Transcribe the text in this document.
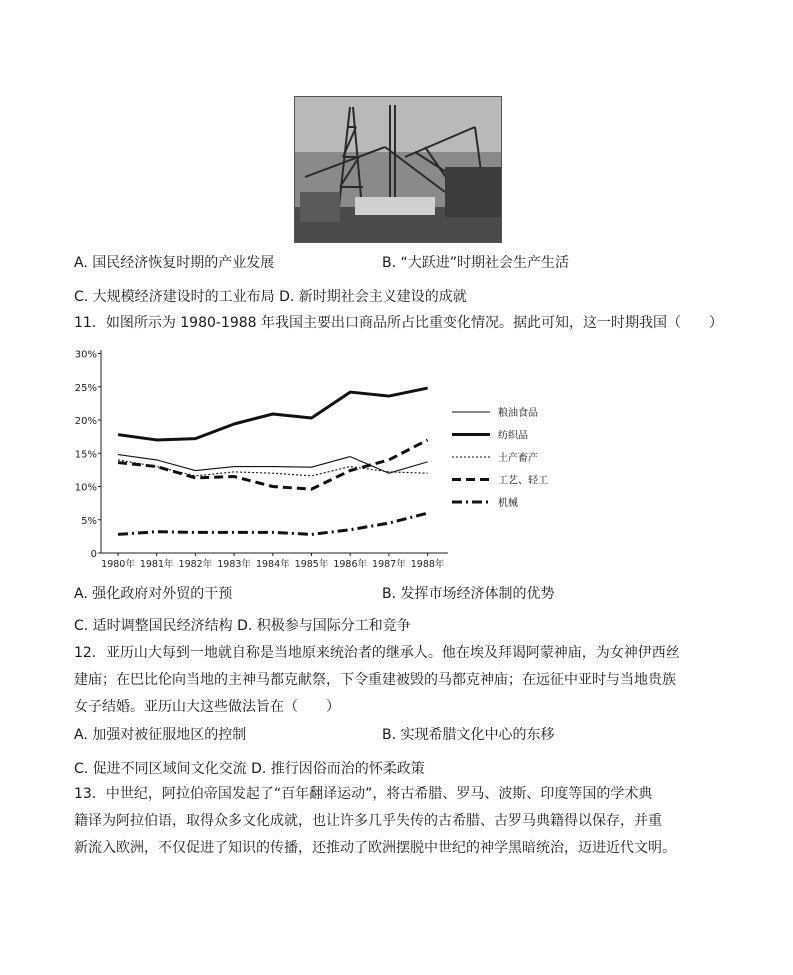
A. 国民经济恢复时期的产业发展	B. “大跃进”时期社会生产生活
C. 大规模经济建设时的工业布局 D. 新时期社会主义建设的成就
11．如图所示为 1980-1988 年我国主要出口商品所占比重变化情况。据此可知，这一时期我国（　　）
0
5%
10%
15%
20%
25%
30%
1980年 1981年 1982年 1983年 1984年 1985年 1986年 1987年 1988年
粮油食品
纺织品
土产畜产
工艺、轻工
机械
A. 强化政府对外贸的干预	B. 发挥市场经济体制的优势
C. 适时调整国民经济结构 D. 积极参与国际分工和竞争
12．亚历山大每到一地就自称是当地原来统治者的继承人。他在埃及拜谒阿蒙神庙，为女神伊西丝
建庙；在巴比伦向当地的主神马都克献祭，下令重建被毁的马都克神庙；在远征中亚时与当地贵族
女子结婚。亚历山大这些做法旨在（　　）
A. 加强对被征服地区的控制	B. 实现希腊文化中心的东移
C. 促进不同区域间文化交流 D. 推行因俗而治的怀柔政策
13．中世纪，阿拉伯帝国发起了“百年翻译运动”，将古希腊、罗马、波斯、印度等国的学术典
籍译为阿拉伯语，取得众多文化成就，也让许多几乎失传的古希腊、古罗马典籍得以保存，并重
新流入欧洲，不仅促进了知识的传播，还推动了欧洲摆脱中世纪的神学黑暗统治，迈进近代文明。
